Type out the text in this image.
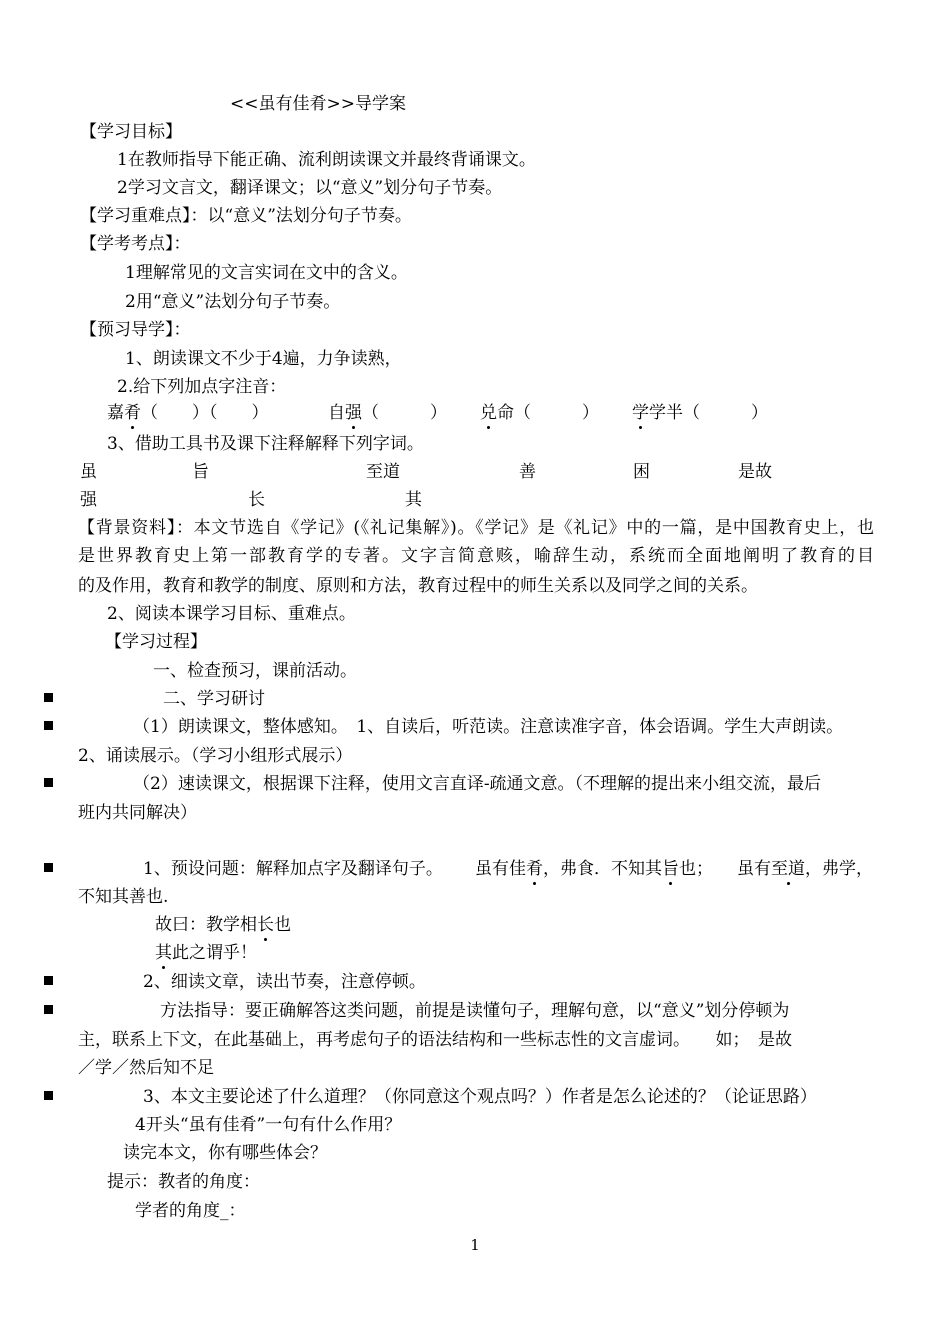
<<虽有佳肴>>导学案
【学习目标】
1在教师指导下能正确、流利朗读课文并最终背诵课文。
2学习文言文，翻译课文；以“意义”划分句子节奏。
【学习重难点】：以“意义”法划分句子节奏。
【学考考点】：
1理解常见的文言实词在文中的含义。
2用“意义”法划分句子节奏。
【预习导学】：
1、朗读课文不少于4遍，力争读熟，
2.给下列加点字注音：
嘉肴（　　）（　　）	自强（　　　） 兑命（　　　） 学学半（　　　）
3、借助工具书及课下注释解释下列字词。
虽	旨	至道	善	困	是故
强	长	其
【背景资料】：本文节选自《学记》(《礼记集解》)。《学记》是《礼记》中的一篇，是中国教育史上，也
是世界教育史上第一部教育学的专著。文字言简意赅，喻辞生动，系统而全面地阐明了教育的目
的及作用，教育和教学的制度、原则和方法，教育过程中的师生关系以及同学之间的关系。
2、阅读本课学习目标、重难点。
【学习过程】
一、检查预习，课前活动。
二、学习研讨
（1）朗读课文，整体感知。　1、自读后，听范读。注意读准字音，体会语调。学生大声朗读。
2、诵读展示。（学习小组形式展示）
（2）速读课文，根据课下注释，使用文言直译-疏通文意。（不理解的提出来小组交流，最后
班内共同解决）
1、预设问题：解释加点字及翻译句子。 虽有佳肴，弗食．不知其旨也； 虽有至道，弗学，
不知其善也.
故曰：教学相长也
其此之谓乎！
2、细读文章，读出节奏，注意停顿。
方法指导：要正确解答这类问题，前提是读懂句子，理解句意，以“意义”划分停顿为
主，联系上下文，在此基础上，再考虑句子的语法结构和一些标志性的文言虚词。　　如；　是故
／学／然后知不足
3、本文主要论述了什么道理？（你同意这个观点吗？）作者是怎么论述的？（论证思路）
4开头“虽有佳肴”一句有什么作用？
读完本文，你有哪些体会？
提示：教者的角度：
学者的角度_：
1
